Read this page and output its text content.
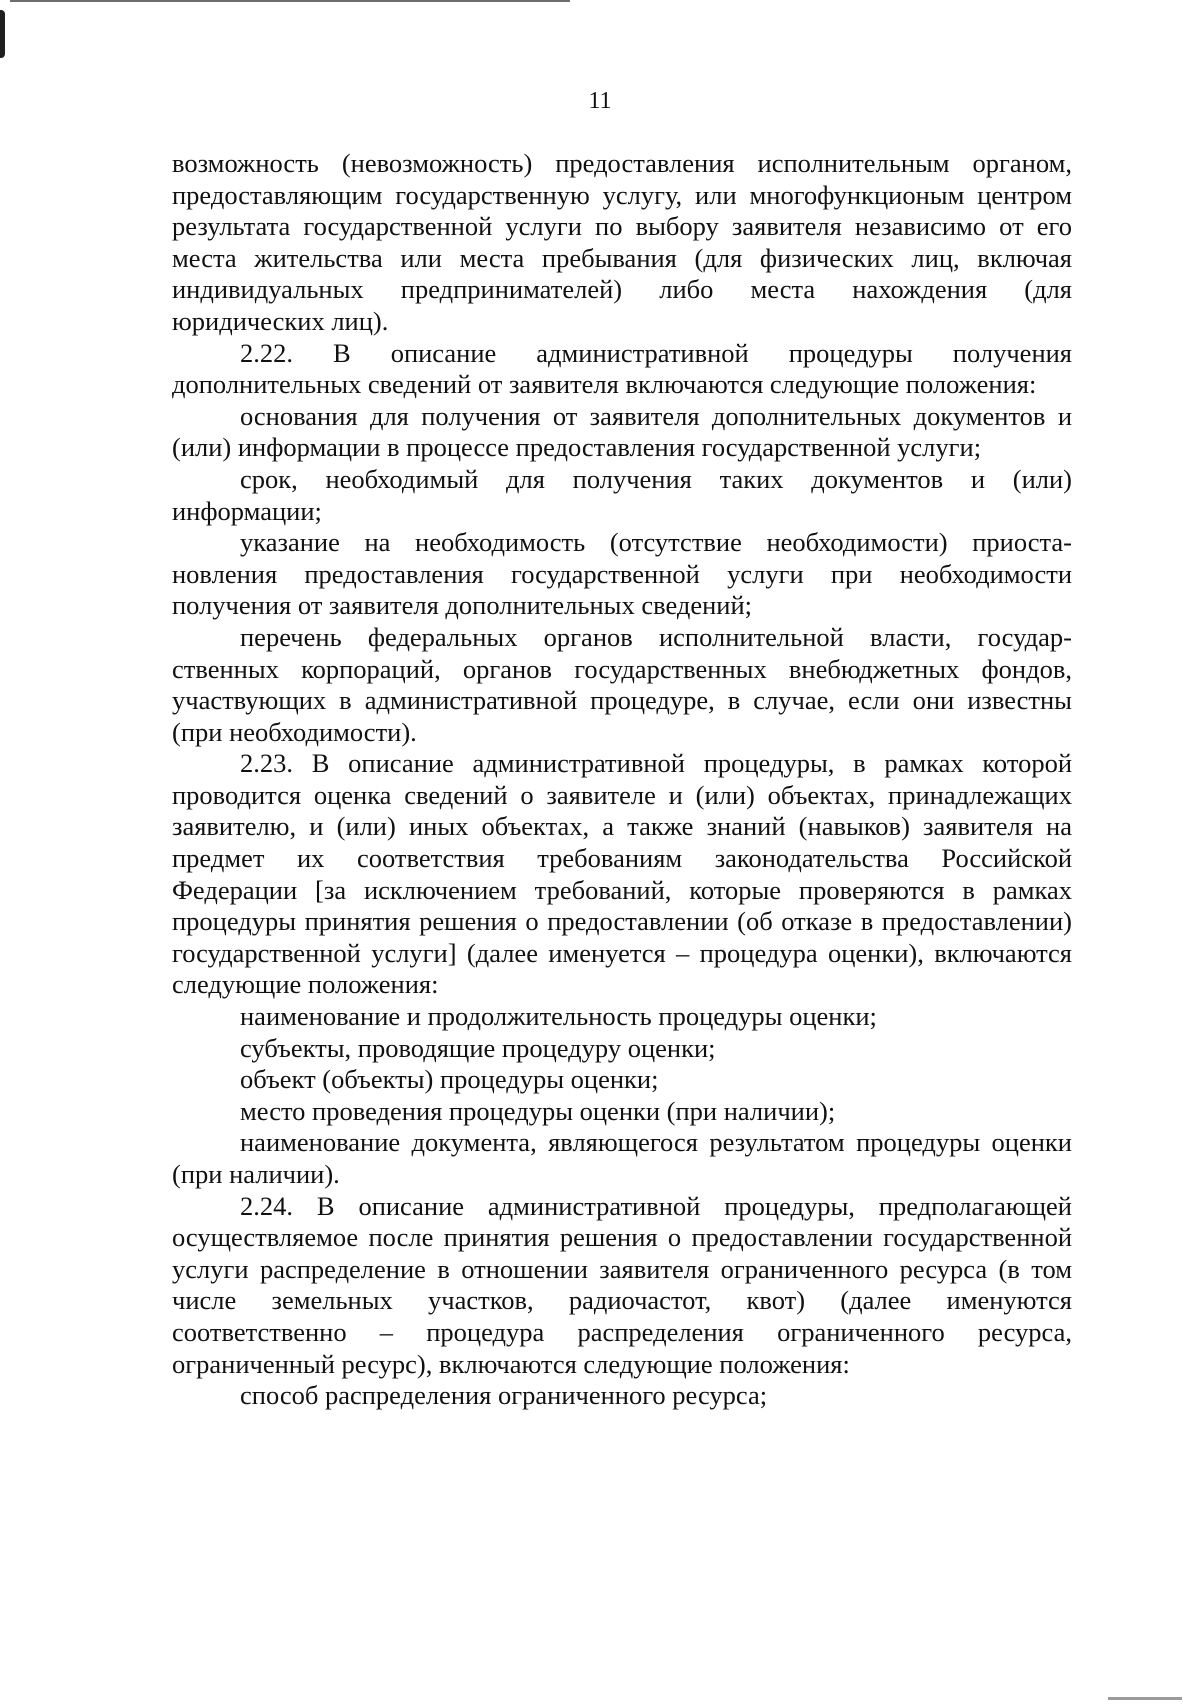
11

возможность (невозможность) предоставления исполнительным органом, предоставляющим государственную услугу, или многофункционым центром результата государственной услуги по выбору заявителя независимо от его места жительства или места пребывания (для физических лиц, включая индивидуальных предпринимателей) либо места нахождения (для юридических лиц).

2.22. В описание административной процедуры получения дополнительных сведений от заявителя включаются следующие положения:

основания для получения от заявителя дополнительных документов и (или) информации в процессе предоставления государственной услуги;

срок, необходимый для получения таких документов и (или) информации;

указание на необходимость (отсутствие необходимости) приостановления предоставления государственной услуги при необходимости получения от заявителя дополнительных сведений;

перечень федеральных органов исполнительной власти, государственных корпораций, органов государственных внебюджетных фондов, участвующих в административной процедуре, в случае, если они известны (при необходимости).

2.23. В описание административной процедуры, в рамках которой проводится оценка сведений о заявителе и (или) объектах, принадлежащих заявителю, и (или) иных объектах, а также знаний (навыков) заявителя на предмет их соответствия требованиям законодательства Российской Федерации [за исключением требований, которые проверяются в рамках процедуры принятия решения о предоставлении (об отказе в предоставлении) государственной услуги] (далее именуется – процедура оценки), включаются следующие положения:

наименование и продолжительность процедуры оценки;

субъекты, проводящие процедуру оценки;

объект (объекты) процедуры оценки;

место проведения процедуры оценки (при наличии);

наименование документа, являющегося результатом процедуры оценки (при наличии).

2.24. В описание административной процедуры, предполагающей осуществляемое после принятия решения о предоставлении государственной услуги распределение в отношении заявителя ограниченного ресурса (в том числе земельных участков, радиочастот, квот) (далее именуются соответственно – процедура распределения ограниченного ресурса, ограниченный ресурс), включаются следующие положения:

способ распределения ограниченного ресурса;
